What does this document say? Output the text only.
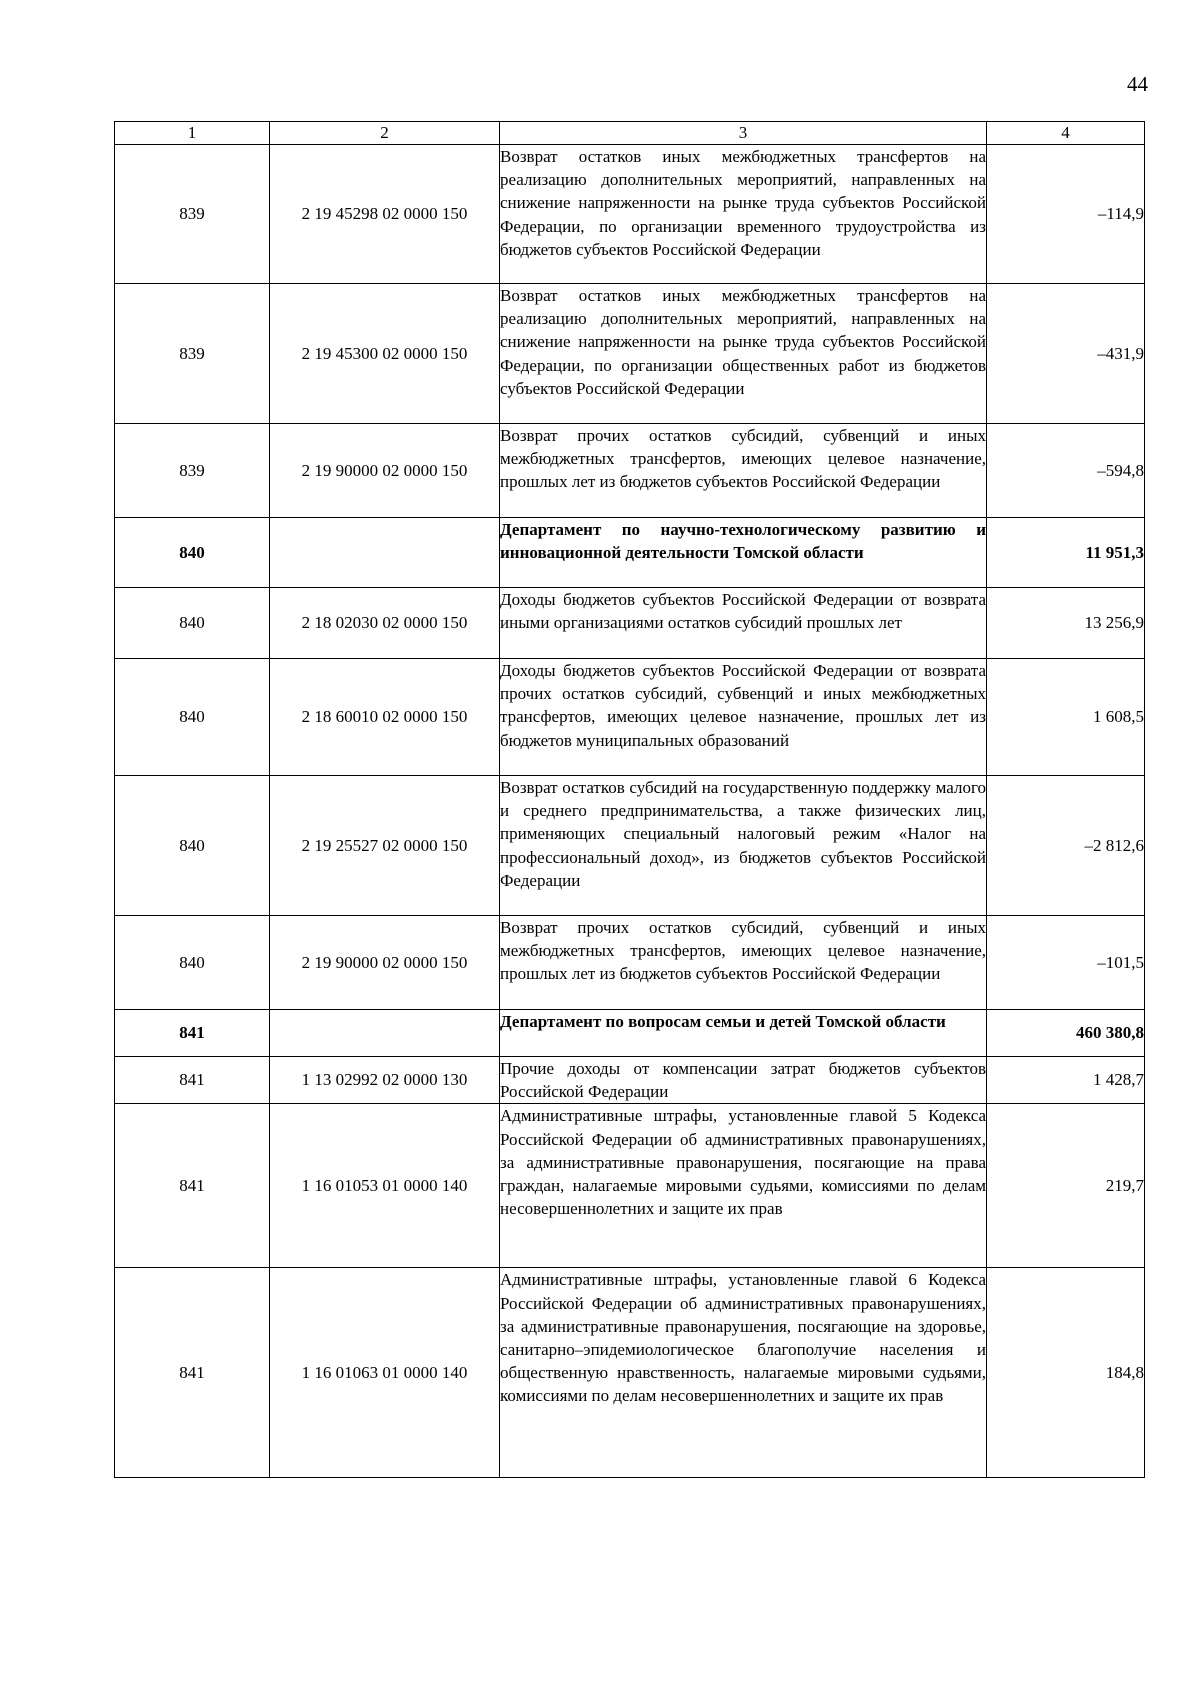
44
1	2	3	4
839	2 19 45298 02 0000 150	Возврат остатков иных межбюджетных трансфертов на реализацию дополнительных мероприятий, направленных на снижение напряженности на рынке труда субъектов Российской Федерации, по организации временного трудоустройства из бюджетов субъектов Российской Федерации	–114,9
839	2 19 45300 02 0000 150	Возврат остатков иных межбюджетных трансфертов на реализацию дополнительных мероприятий, направленных на снижение напряженности на рынке труда субъектов Российской Федерации, по организации общественных работ из бюджетов субъектов Российской Федерации	–431,9
839	2 19 90000 02 0000 150	Возврат прочих остатков субсидий, субвенций и иных межбюджетных трансфертов, имеющих целевое назначение, прошлых лет из бюджетов субъектов Российской Федерации	–594,8
840		Департамент по научно-технологическому развитию и инновационной деятельности Томской области	11 951,3
840	2 18 02030 02 0000 150	Доходы бюджетов субъектов Российской Федерации от возврата иными организациями остатков субсидий прошлых лет	13 256,9
840	2 18 60010 02 0000 150	Доходы бюджетов субъектов Российской Федерации от возврата прочих остатков субсидий, субвенций и иных межбюджетных трансфертов, имеющих целевое назначение, прошлых лет из бюджетов муниципальных образований	1 608,5
840	2 19 25527 02 0000 150	Возврат остатков субсидий на государственную поддержку малого и среднего предпринимательства, а также физических лиц, применяющих специальный налоговый режим «Налог на профессиональный доход», из бюджетов субъектов Российской Федерации	–2 812,6
840	2 19 90000 02 0000 150	Возврат прочих остатков субсидий, субвенций и иных межбюджетных трансфертов, имеющих целевое назначение, прошлых лет из бюджетов субъектов Российской Федерации	–101,5
841		Департамент по вопросам семьи и детей Томской области	460 380,8
841	1 13 02992 02 0000 130	Прочие доходы от компенсации затрат бюджетов субъектов Российской Федерации	1 428,7
841	1 16 01053 01 0000 140	Административные штрафы, установленные главой 5 Кодекса Российской Федерации об административных правонарушениях, за административные правонарушения, посягающие на права граждан, налагаемые мировыми судьями, комиссиями по делам несовершеннолетних и защите их прав	219,7
841	1 16 01063 01 0000 140	Административные штрафы, установленные главой 6 Кодекса Российской Федерации об административных правонарушениях, за административные правонарушения, посягающие на здоровье, санитарно–эпидемиологическое благополучие населения и общественную нравственность, налагаемые мировыми судьями, комиссиями по делам несовершеннолетних и защите их прав	184,8
